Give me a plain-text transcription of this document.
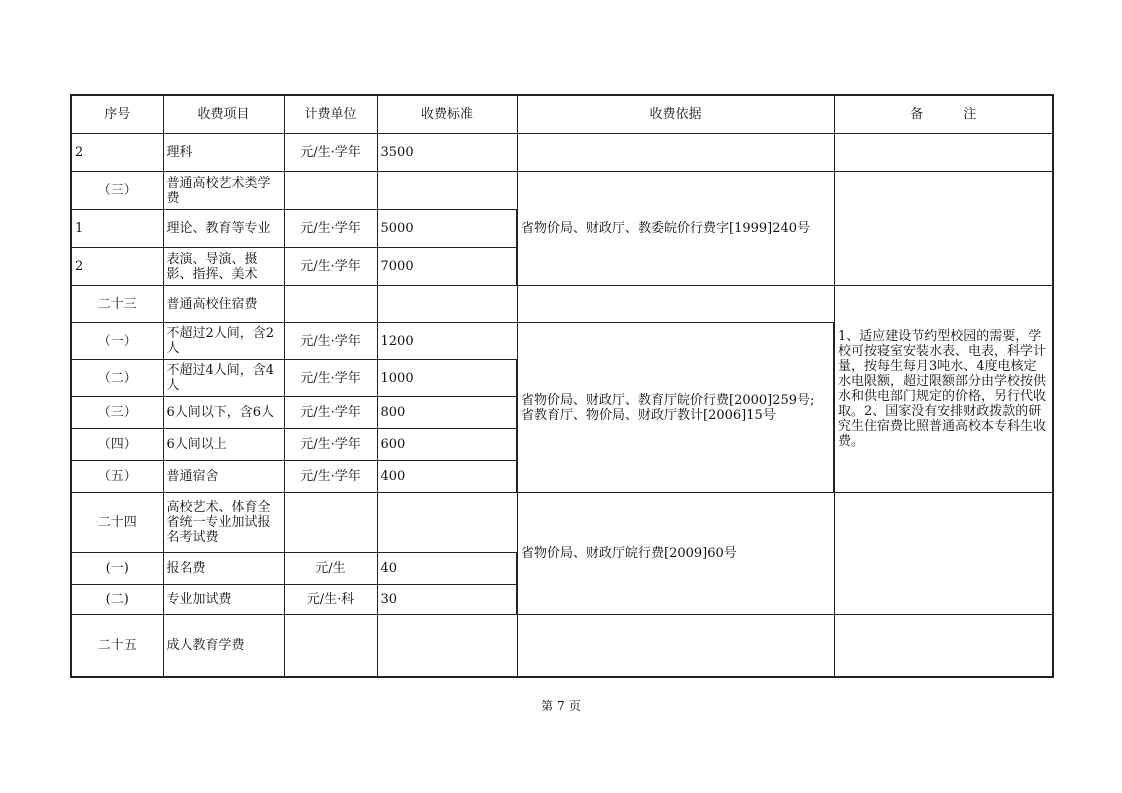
序号	收费项目	计费单位	收费标准	收费依据	备 注
2	理科	元/生·学年	3500		
（三）	普通高校艺术类学费			省物价局、财政厅、教委皖价行费字[1999]240号	
1	理论、教育等专业	元/生·学年	5000		
2	表演、导演、摄影、指挥、美术	元/生·学年	7000		
二十三	普通高校住宿费				1、适应建设节约型校园的需要，学校可按寝室安装水表、电表，科学计量，按每生每月3吨水、4度电核定水电限额，超过限额部分由学校按供水和供电部门规定的价格，另行代收取。2、国家没有安排财政拨款的研究生住宿费比照普通高校本专科生收费。
（一）	不超过2人间，含2人	元/生·学年	1200	省物价局、财政厅、教育厅皖价行费[2000]259号;
省教育厅、物价局、财政厅教计[2006]15号	

（二）	不超过4人间，含4人	元/生·学年	1000		
（三）	6人间以下，含6人	元/生·学年	800		
（四）	6人间以上	元/生·学年	600		
（五）	普通宿舍	元/生·学年	400		
二十四	高校艺术、体育全省统一专业加试报名考试费			省物价局、财政厅皖行费[2009]60号	
(一)	报名费	元/生	40		
(二)	专业加试费	元/生·科	30		
二十五	成人教育学费				
第 7 页
